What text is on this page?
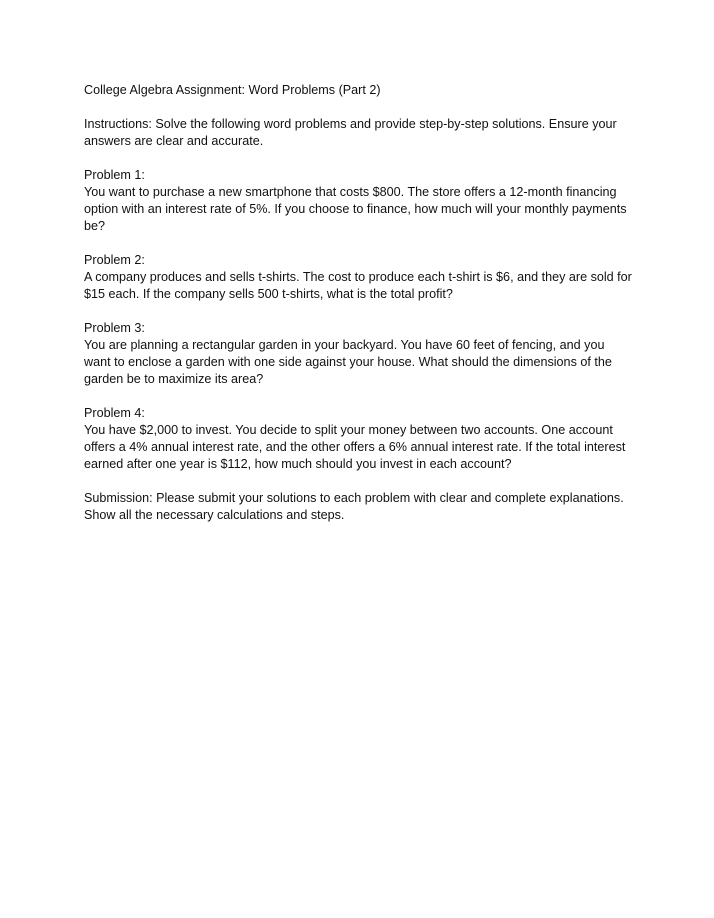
College Algebra Assignment: Word Problems (Part 2)

Instructions: Solve the following word problems and provide step-by-step solutions. Ensure your answers are clear and accurate.

Problem 1:

You want to purchase a new smartphone that costs $800. The store offers a 12-month financing option with an interest rate of 5%. If you choose to finance, how much will your monthly payments be?

Problem 2:

A company produces and sells t-shirts. The cost to produce each t-shirt is $6, and they are sold for $15 each. If the company sells 500 t-shirts, what is the total profit?

Problem 3:

You are planning a rectangular garden in your backyard. You have 60 feet of fencing, and you want to enclose a garden with one side against your house. What should the dimensions of the garden be to maximize its area?

Problem 4:

You have $2,000 to invest. You decide to split your money between two accounts. One account offers a 4% annual interest rate, and the other offers a 6% annual interest rate. If the total interest earned after one year is $112, how much should you invest in each account?

Submission: Please submit your solutions to each problem with clear and complete explanations. Show all the necessary calculations and steps.
